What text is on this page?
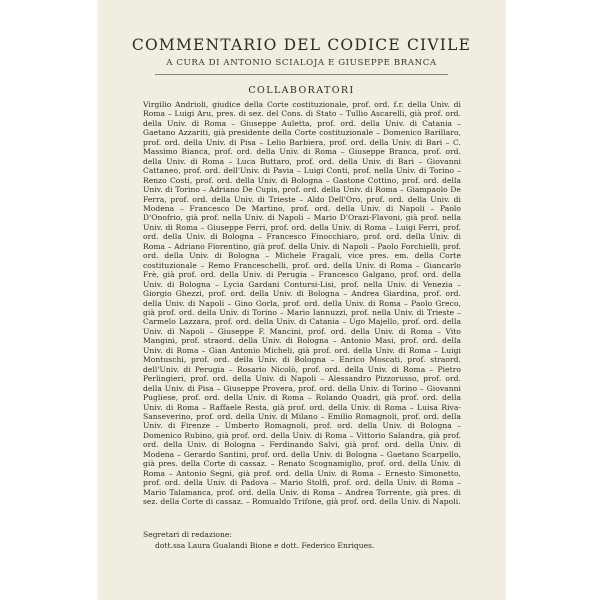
COMMENTARIO DEL CODICE CIVILE
A CURA DI ANTONIO SCIALOJA E GIUSEPPE BRANCA
COLLABORATORI
Virgilio Andrioli, giudice della Corte costituzionale, prof. ord. f.r. della Univ. di Roma – Luigi Aru, pres. di sez. del Cons. di Stato – Tullio Ascarelli, già prof. ord. della Univ. di Roma – Giuseppe Auletta, prof. ord. della Univ. di Catania – Gaetano Azzariti, già presidente della Corte costituzionale – Domenico Barillaro, prof. ord. della Univ. di Pisa – Lelio Barbiera, prof. ord. della Univ. di Bari – C. Massimo Bianca, prof. ord. della Univ. di Roma – Giuseppe Branca, prof. ord. della Univ. di Roma – Luca Buttaro, prof. ord. della Univ. di Bari – Giovanni Cattaneo, prof. ord. dell'Univ. di Pavia – Luigi Conti, prof. nella Univ. di Torino – Renzo Costi, prof. ord. della Univ. di Bologna – Gastone Cottino, prof. ord. della Univ. di Torino – Adriano De Cupis, prof. ord. della Univ. di Roma – Giampaolo De Ferra, prof. ord. della Univ. di Trieste – Aldo Dell'Oro, prof. ord. della Univ. di Modena – Francesco De Martino, prof. ord. della Univ. di Napoli – Paolo D'Onofrio, già prof. nella Univ. di Napoli – Mario D'Orazi-Flavoni, già prof. nella Univ. di Roma – Giuseppe Ferri, prof. ord. della Univ. di Roma – Luigi Ferri, prof. ord. della Univ. di Bologna – Francesco Finocchiaro, prof. ord. della Univ. di Roma – Adriano Fiorentino, già prof. della Univ. di Napoli – Paolo Forchielli, prof. ord. della Univ. di Bologna – Michele Fragali, vice pres. em. della Corte costituzionale – Remo Franceschelli, prof. ord. della Univ. di Roma – Giancarlo Frè, già prof. ord. della Univ. di Perugia – Francesco Galgano, prof. ord. della Univ. di Bologna – Lycia Gardani Contursi-Lisi, prof. nella Univ. di Venezia – Giorgio Ghezzi, prof. ord. della Univ. di Bologna – Andrea Giardina, prof. ord. della Univ. di Napoli – Gino Gorla, prof. ord. della Univ. di Roma – Paolo Greco, già prof. ord. della Univ. di Torino – Mario Iannuzzi, prof. nella Univ. di Trieste – Carmelo Lazzara, prof. ord. della Univ. di Catania – Ugo Majello, prof. ord. della Univ. di Napoli – Giuseppe F. Mancini, prof. ord. della Univ. di Roma – Vito Mangini, prof. straord. della Univ. di Bologna – Antonio Masi, prof. ord. della Univ. di Roma – Gian Antonio Micheli, già prof. ord. della Univ. di Roma – Luigi Montuschi, prof. ord. della Univ. di Bologna – Enrico Moscati, prof. straord. dell'Univ. di Perugia – Rosario Nicolò, prof. ord. della Univ. di Roma – Pietro Perlingieri, prof. ord. della Univ. di Napoli – Alessandro Pizzorusso, prof. ord. della Univ. di Pisa – Giuseppe Provera, prof. ord. della Univ. di Torino – Giovanni Pugliese, prof. ord. della Univ. di Roma – Rolando Quadri, già prof. ord. della Univ. di Roma – Raffaele Resta, già prof. ord. della Univ. di Roma – Luisa Riva-Sanseverino, prof. ord. della Univ. di Milano – Emilio Romagnoli, prof. ord. della Univ. di Firenze – Umberto Romagnoli, prof. ord. della Univ. di Bologna – Domenico Rubino, già prof. ord. della Univ. di Roma – Vittorio Salandra, già prof. ord. della Univ. di Bologna – Ferdinando Salvi, già prof. ord. della Univ. di Modena – Gerardo Santini, prof. ord. della Univ. di Bologna – Gaetano Scarpello, già pres. della Corte di cassaz. – Renato Scognamiglio, prof. ord. della Univ. di Roma – Antonio Segni, già prof. ord. della Univ. di Roma – Ernesto Simonetto, prof. ord. della Univ. di Padova – Mario Stolfi, prof. ord. della Univ. di Roma – Mario Talamanca, prof. ord. della Univ. di Roma – Andrea Torrente, già pres. di sez. della Corte di cassaz. – Romualdo Trifone, già prof. ord. della Univ. di Napoli.
Segretari di redazione:
dott.ssa Laura Gualandi Bione e dott. Federico Enriques.
